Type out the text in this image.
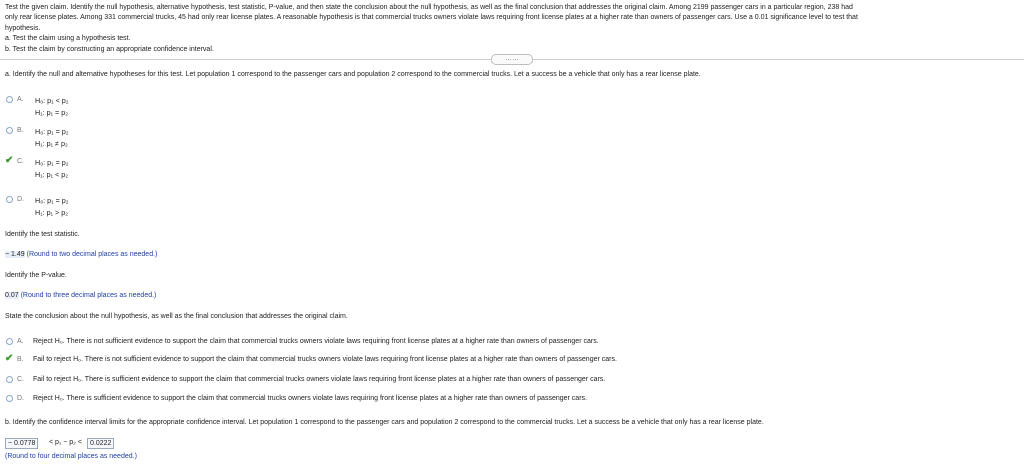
Test the given claim. Identify the null hypothesis, alternative hypothesis, test statistic, P-value, and then state the conclusion about the null hypothesis, as well as the final conclusion that addresses the original claim. Among 2199 passenger cars in a particular region, 238 had
only rear license plates. Among 331 commercial trucks, 45 had only rear license plates. A reasonable hypothesis is that commercial trucks owners violate laws requiring front license plates at a higher rate than owners of passenger cars. Use a 0.01 significance level to test that
hypothesis.
a. Test the claim using a hypothesis test.
b. Test the claim by constructing an appropriate confidence interval.
……
a. Identify the null and alternative hypotheses for this test. Let population 1 correspond to the passenger cars and population 2 correspond to the commercial trucks. Let a success be a vehicle that only has a rear license plate.
A. H₀: p₁ < p₂
H₁: p₁ = p₂
B. H₀: p₁ = p₂
H₁: p₁ ≠ p₂
✔ C. H₀: p₁ = p₂
H₁: p₁ < p₂
D. H₀: p₁ = p₂
H₁: p₁ > p₂
Identify the test statistic.
− 1.49 (Round to two decimal places as needed.)
Identify the P-value.
0.07 (Round to three decimal places as needed.)
State the conclusion about the null hypothesis, as well as the final conclusion that addresses the original claim.
A. Reject H₀. There is not sufficient evidence to support the claim that commercial trucks owners violate laws requiring front license plates at a higher rate than owners of passenger cars.
✔ B. Fail to reject H₀. There is not sufficient evidence to support the claim that commercial trucks owners violate laws requiring front license plates at a higher rate than owners of passenger cars.
C. Fail to reject H₀. There is sufficient evidence to support the claim that commercial trucks owners violate laws requiring front license plates at a higher rate than owners of passenger cars.
D. Reject H₀. There is sufficient evidence to support the claim that commercial trucks owners violate laws requiring front license plates at a higher rate than owners of passenger cars.
b. Identify the confidence interval limits for the appropriate confidence interval. Let population 1 correspond to the passenger cars and population 2 correspond to the commercial trucks. Let a success be a vehicle that only has a rear license plate.
− 0.0778	< p₁ − p₂ <	0.0222
(Round to four decimal places as needed.)
